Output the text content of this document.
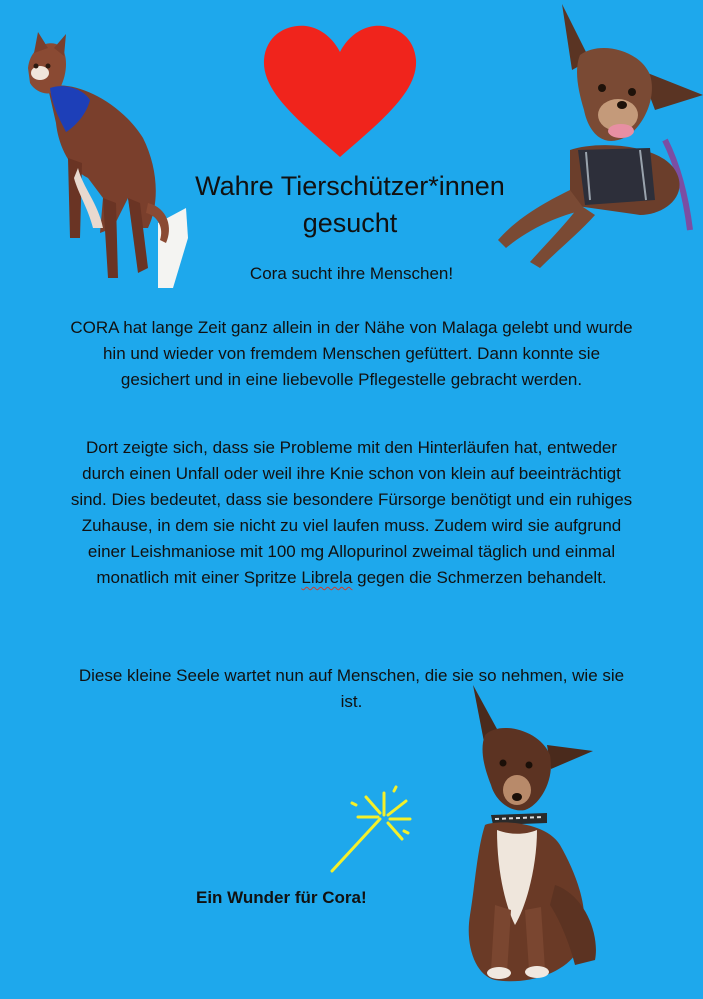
Wahre Tierschützer*innen gesucht
Cora sucht ihre Menschen!
CORA hat lange Zeit ganz allein in der Nähe von Malaga gelebt und wurde hin und wieder von fremdem Menschen gefüttert. Dann konnte sie gesichert und in eine liebevolle Pflegestelle gebracht werden.
Dort zeigte sich, dass sie Probleme mit den Hinterläufen hat, entweder durch einen Unfall oder weil ihre Knie schon von klein auf beeinträchtigt sind. Dies bedeutet, dass sie besondere Fürsorge benötigt und ein ruhiges Zuhause, in dem sie nicht zu viel laufen muss. Zudem wird sie aufgrund einer Leishmaniose mit 100 mg Allopurinol zweimal täglich und einmal monatlich mit einer Spritze Librela gegen die Schmerzen behandelt.
Diese kleine Seele wartet nun auf Menschen, die sie so nehmen, wie sie ist.
Ein Wunder für Cora!
